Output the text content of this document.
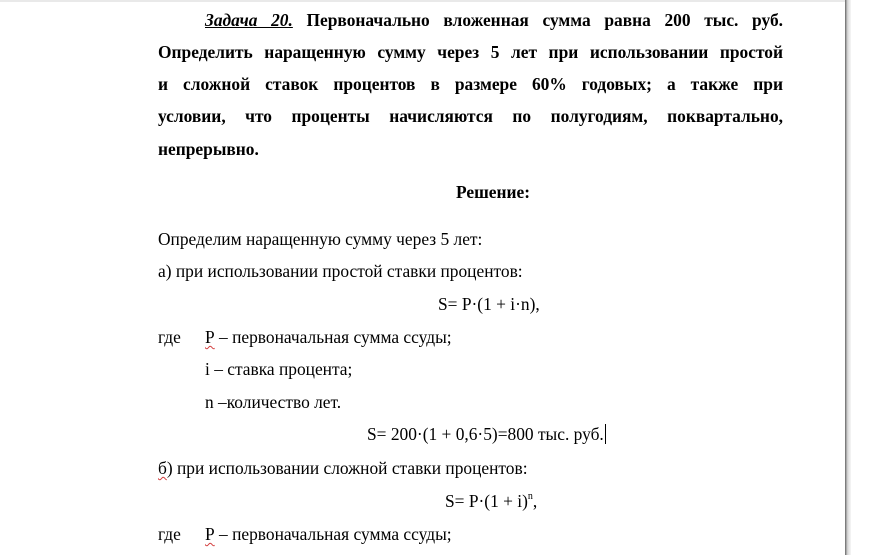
Задача 20. Первоначально вложенная сумма равна 200 тыс. руб.
Определить наращенную сумму через 5 лет при использовании простой
и сложной ставок процентов в размере 60% годовых; а также при
условии, что проценты начисляются по полугодиям, поквартально,
непрерывно.
Решение:
Определим наращенную сумму через 5 лет:
а) при использовании простой ставки процентов:
S= P·(1 + i·n),
где Р – первоначальная сумма ссуды;
i – ставка процента;
n –количество лет.
S= 200·(1 + 0,6·5)=800 тыс. руб.
б) при использовании сложной ставки процентов:
$S= P\cdot(1 + i)^n$,
где Р – первоначальная сумма ссуды;
